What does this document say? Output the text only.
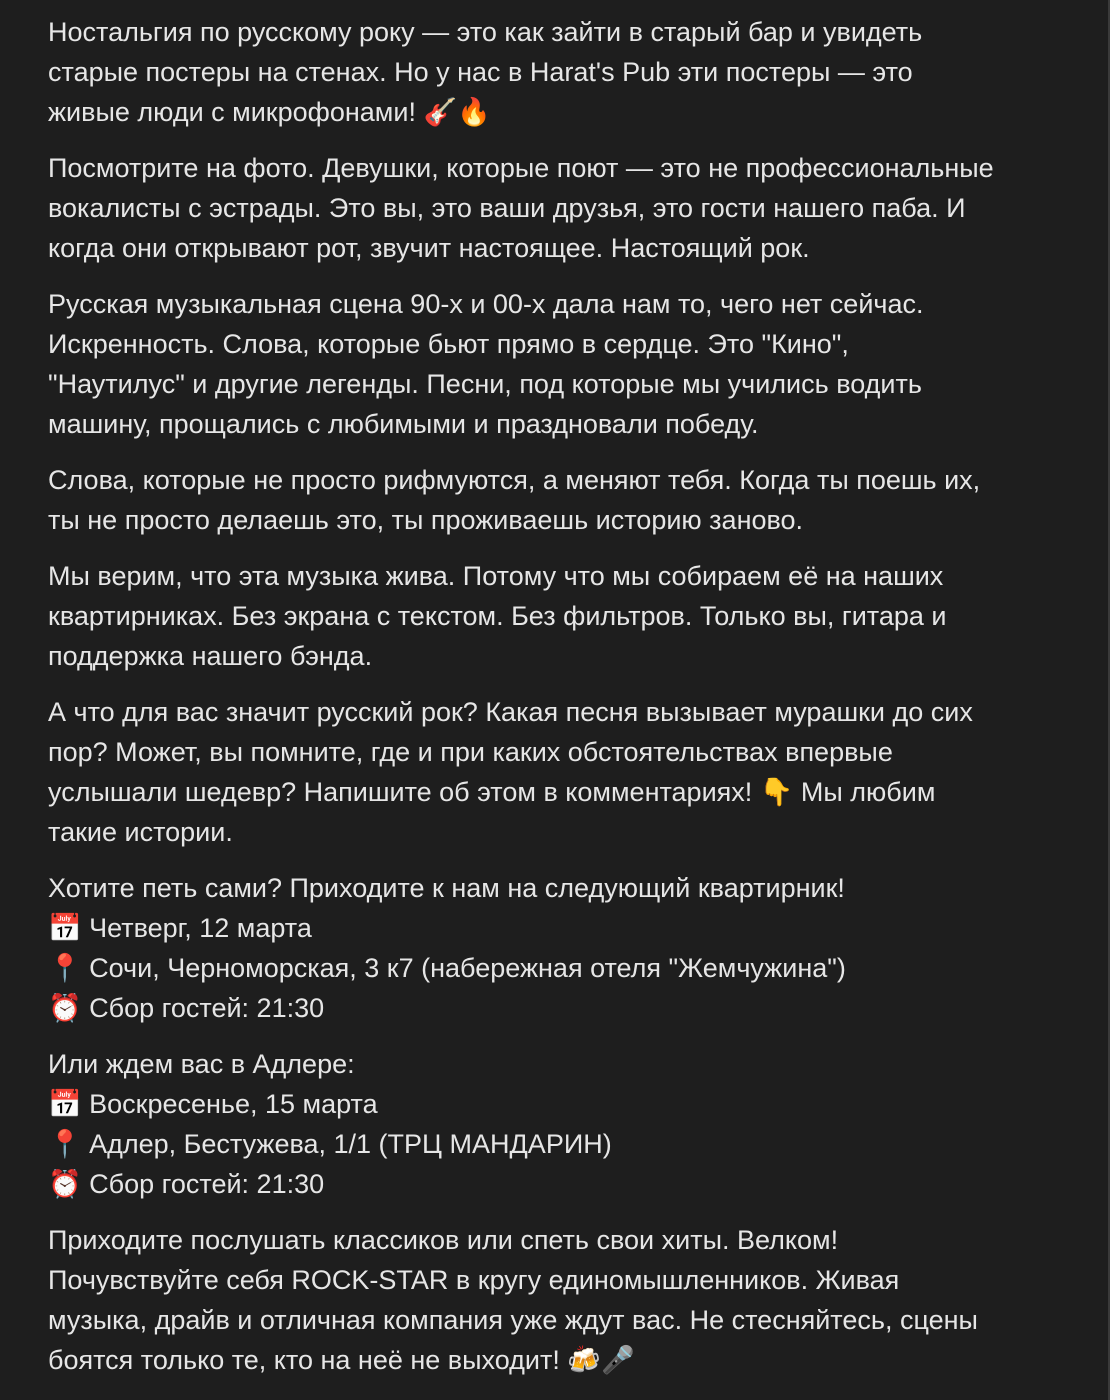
Ностальгия по русскому року — это как зайти в старый бар и увидеть
старые постеры на стенах. Но у нас в Harat's Pub эти постеры — это
живые люди с микрофонами! 🎸🔥

Посмотрите на фото. Девушки, которые поют — это не профессиональные
вокалисты с эстрады. Это вы, это ваши друзья, это гости нашего паба. И
когда они открывают рот, звучит настоящее. Настоящий рок.

Русская музыкальная сцена 90-х и 00-х дала нам то, чего нет сейчас.
Искренность. Слова, которые бьют прямо в сердце. Это "Кино",
"Наутилус" и другие легенды. Песни, под которые мы учились водить
машину, прощались с любимыми и праздновали победу.

Слова, которые не просто рифмуются, а меняют тебя. Когда ты поешь их,
ты не просто делаешь это, ты проживаешь историю заново.

Мы верим, что эта музыка жива. Потому что мы собираем её на наших
квартирниках. Без экрана с текстом. Без фильтров. Только вы, гитара и
поддержка нашего бэнда.

А что для вас значит русский рок? Какая песня вызывает мурашки до сих
пор? Может, вы помните, где и при каких обстоятельствах впервые
услышали шедевр? Напишите об этом в комментариях! 👇 Мы любим
такие истории.

Хотите петь сами? Приходите к нам на следующий квартирник!
📅 Четверг, 12 марта
📍 Сочи, Черноморская, 3 к7 (набережная отеля "Жемчужина")
⏰ Сбор гостей: 21:30

Или ждем вас в Адлере:
📅 Воскресенье, 15 марта
📍 Адлер, Бестужева, 1/1 (ТРЦ МАНДАРИН)
⏰ Сбор гостей: 21:30

Приходите послушать классиков или спеть свои хиты. Велком!
Почувствуйте себя ROCK-STAR в кругу единомышленников. Живая
музыка, драйв и отличная компания уже ждут вас. Не стесняйтесь, сцены
боятся только те, кто на неё не выходит! 🍻🎤
